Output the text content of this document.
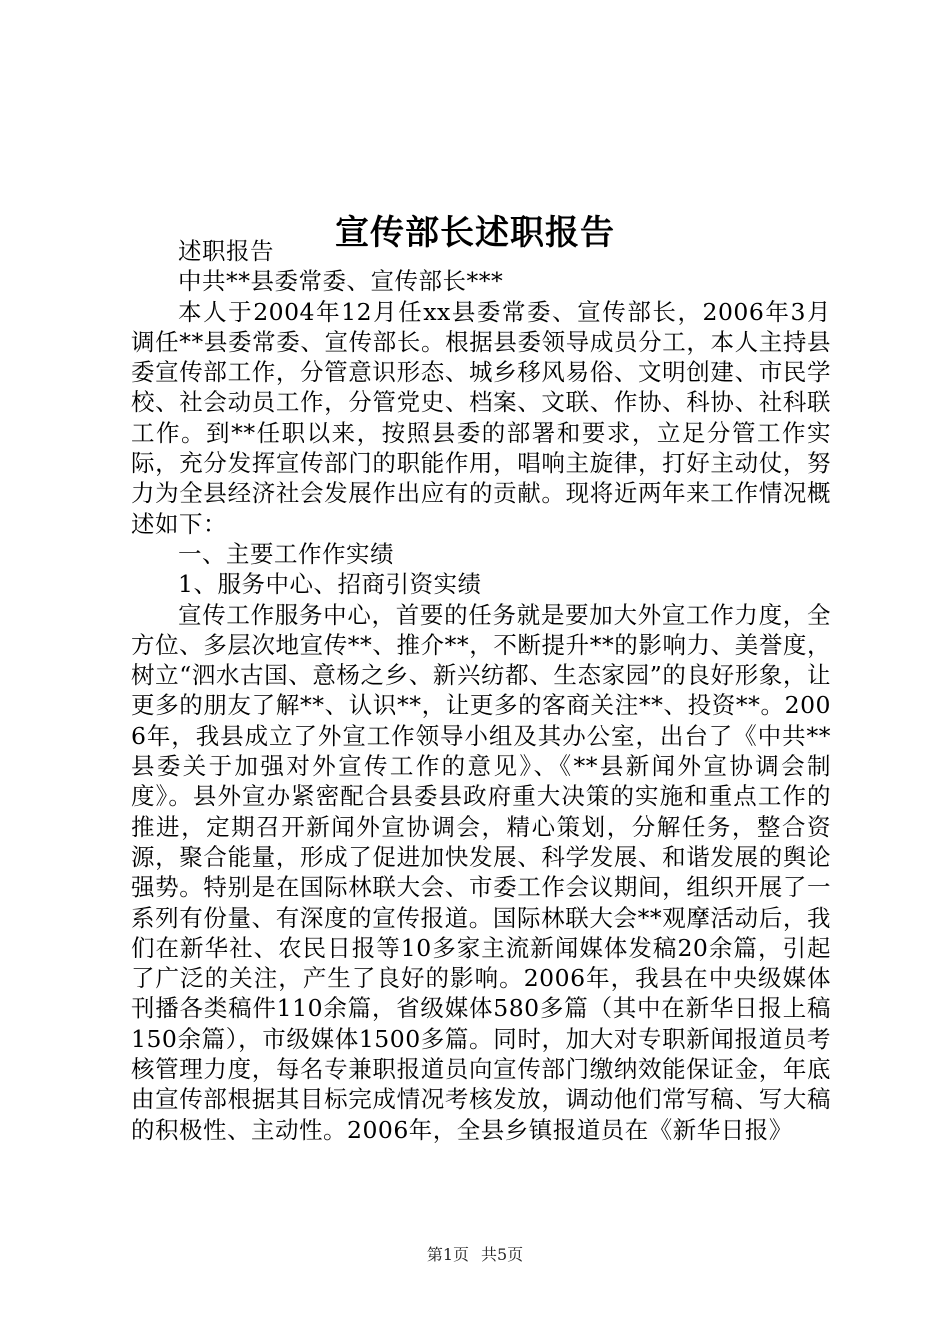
宣传部长述职报告

述职报告

中共**县委常委、宣传部长***

本人于2004年12月任xx县委常委、宣传部长，2006年3月调任**县委常委、宣传部长。根据县委领导成员分工，本人主持县委宣传部工作，分管意识形态、城乡移风易俗、文明创建、市民学校、社会动员工作，分管党史、档案、文联、作协、科协、社科联工作。到**任职以来，按照县委的部署和要求，立足分管工作实际，充分发挥宣传部门的职能作用，唱响主旋律，打好主动仗，努力为全县经济社会发展作出应有的贡献。现将近两年来工作情况概述如下：

一、主要工作作实绩

1、服务中心、招商引资实绩

宣传工作服务中心，首要的任务就是要加大外宣工作力度，全方位、多层次地宣传**、推介**，不断提升**的影响力、美誉度，树立“泗水古国、意杨之乡、新兴纺都、生态家园”的良好形象，让更多的朋友了解**、认识**，让更多的客商关注**、投资**。2006年，我县成立了外宣工作领导小组及其办公室，出台了《中共**县委关于加强对外宣传工作的意见》、《**县新闻外宣协调会制度》。县外宣办紧密配合县委县政府重大决策的实施和重点工作的推进，定期召开新闻外宣协调会，精心策划，分解任务，整合资源，聚合能量，形成了促进加快发展、科学发展、和谐发展的舆论强势。特别是在国际林联大会、市委工作会议期间，组织开展了一系列有份量、有深度的宣传报道。国际林联大会**观摩活动后，我们在新华社、农民日报等10多家主流新闻媒体发稿20余篇，引起了广泛的关注，产生了良好的影响。2006年，我县在中央级媒体刊播各类稿件110余篇，省级媒体580多篇（其中在新华日报上稿150余篇），市级媒体1500多篇。同时，加大对专职新闻报道员考核管理力度，每名专兼职报道员向宣传部门缴纳效能保证金，年底由宣传部根据其目标完成情况考核发放，调动他们常写稿、写大稿的积极性、主动性。2006年，全县乡镇报道员在《新华日报》

第1页 共5页
